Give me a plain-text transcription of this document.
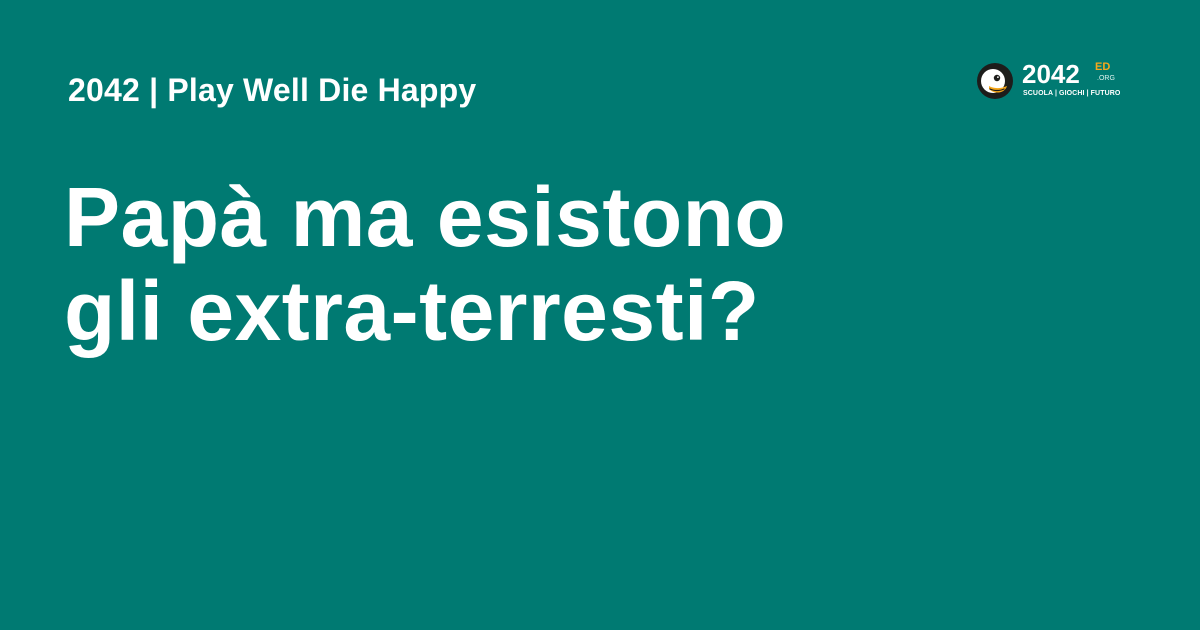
2042 | Play Well Die Happy
Papà ma esistono
gli extra-terresti?
2042 ED
.ORG
SCUOLA | GIOCHI | FUTURO
